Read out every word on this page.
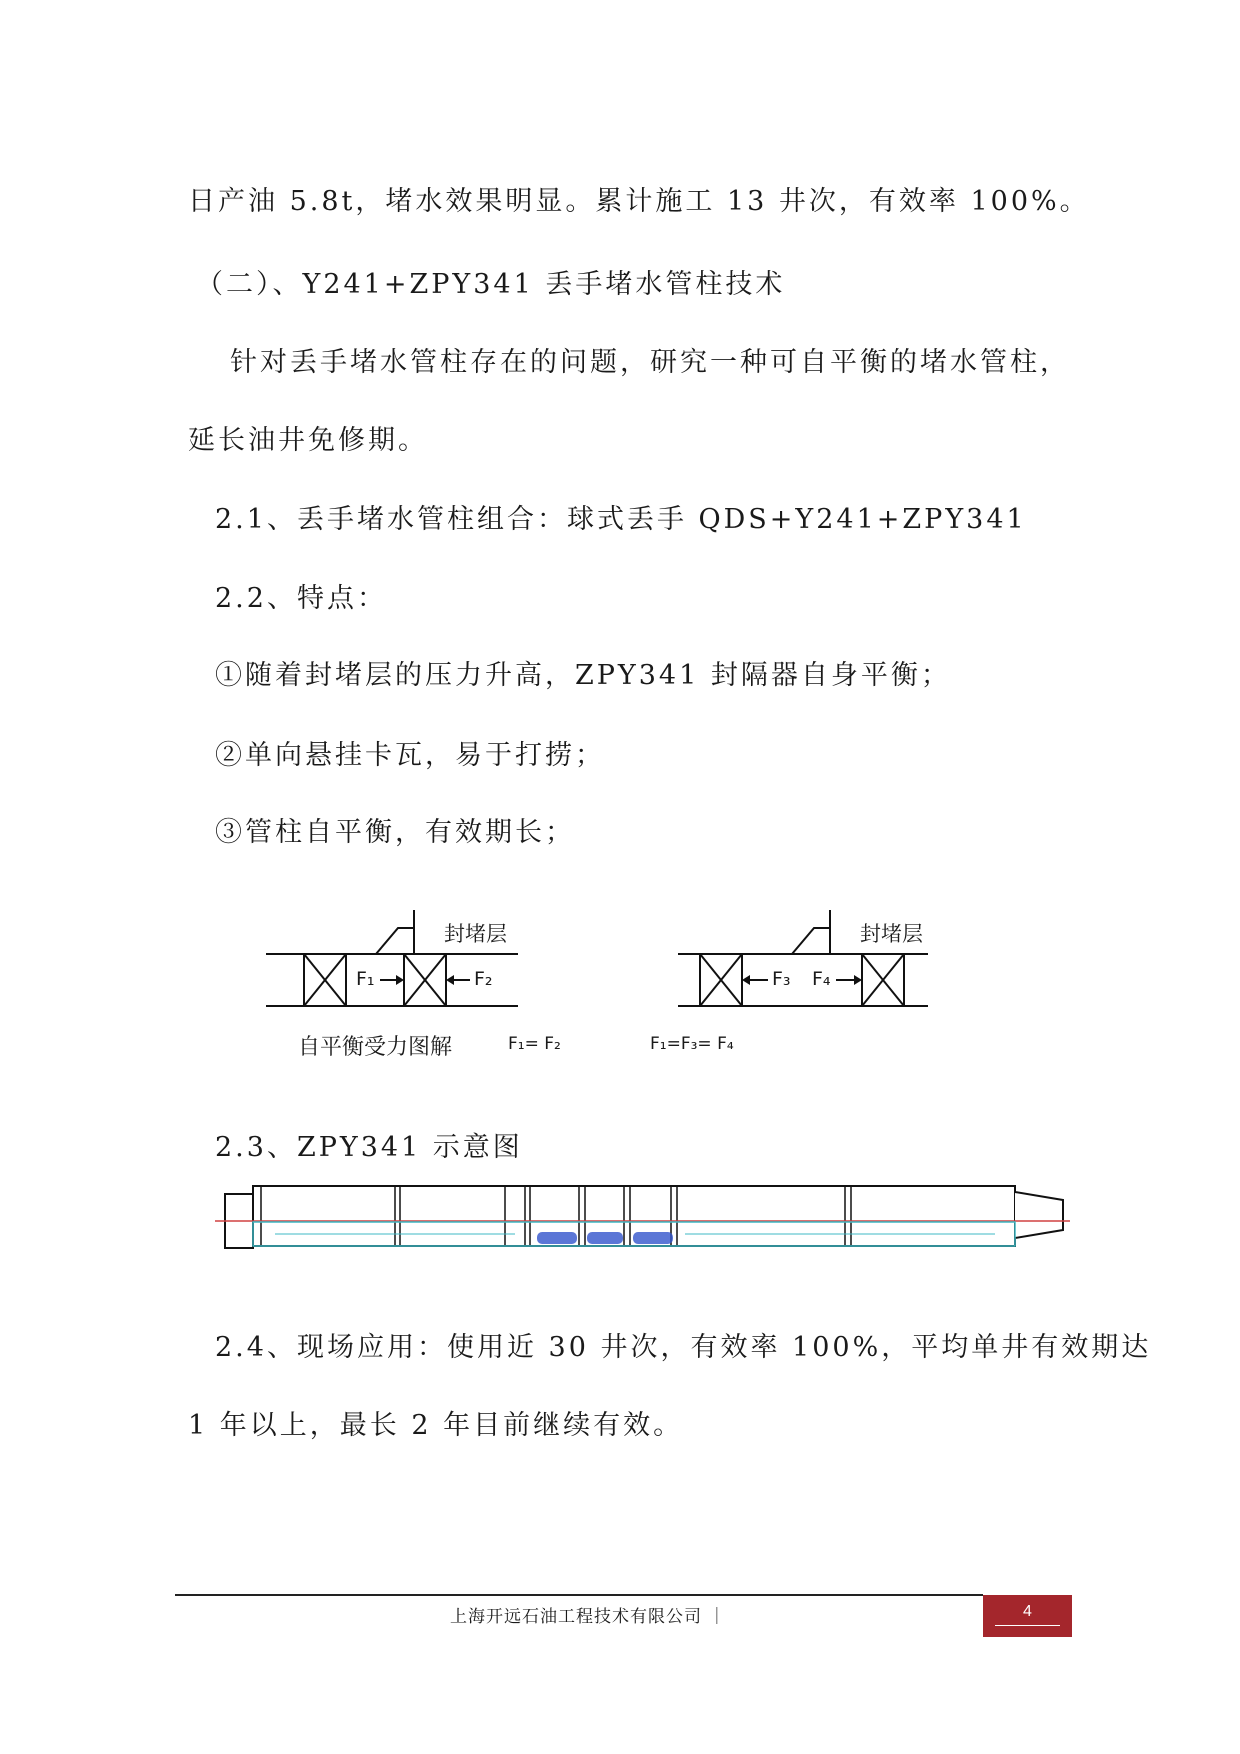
日产油 5.8t，堵水效果明显。累计施工 13 井次，有效率 100%。
（二）、Y241+ZPY341 丢手堵水管柱技术
针对丢手堵水管柱存在的问题，研究一种可自平衡的堵水管柱，
延长油井免修期。
2.1、丢手堵水管柱组合：球式丢手 QDS+Y241+ZPY341
2.2、特点：
①随着封堵层的压力升高，ZPY341 封隔器自身平衡；
②单向悬挂卡瓦，易于打捞；
③管柱自平衡，有效期长；
封堵层	封堵层
F₁	F₂	F₃ F₄
自平衡受力图解	F₁= F₂	F₁=F₃= F₄
2.3、ZPY341 示意图
2.4、现场应用：使用近 30 井次，有效率 100%，平均单井有效期达
1 年以上，最长 2 年目前继续有效。
上海开远石油工程技术有限公司 ｜	4
